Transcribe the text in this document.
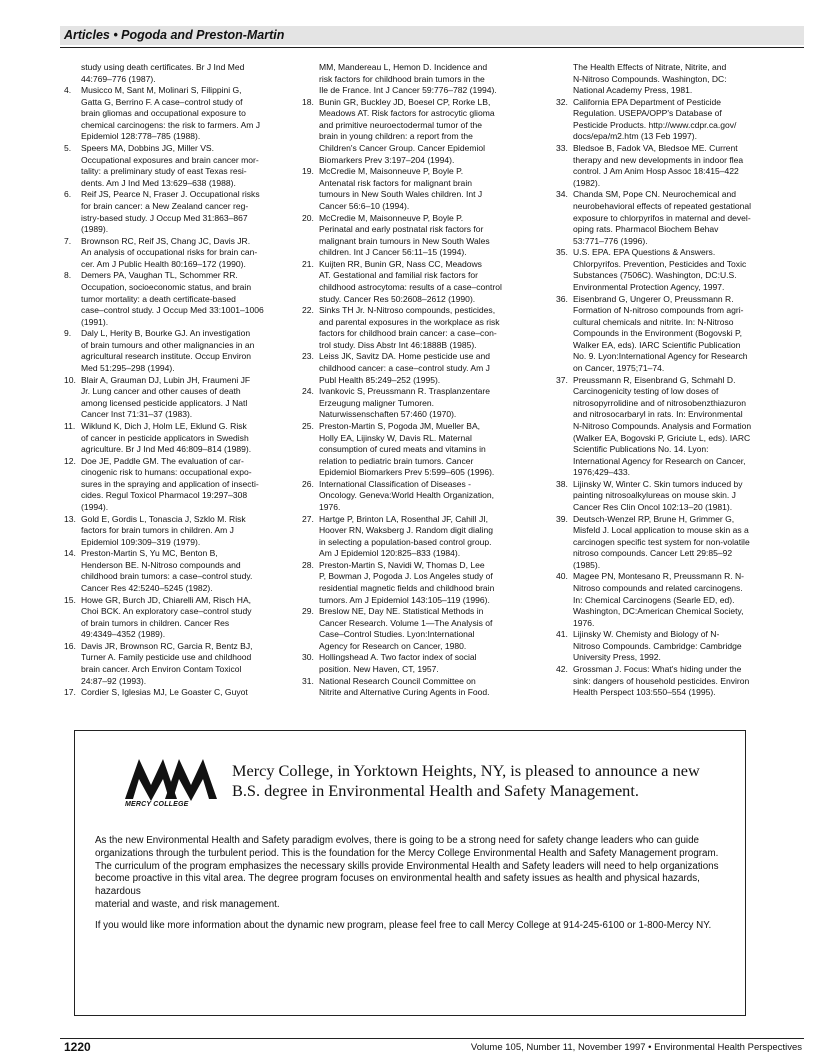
Articles • Pogoda and Preston-Martin
study using death certificates. Br J Ind Med
44:769–776 (1987).
4.	Musicco M, Sant M, Molinari S, Filippini G,
Gatta G, Berrino F. A case–control study of
brain gliomas and occupational exposure to
chemical carcinogens: the risk to farmers. Am J
Epidemiol 128:778–785 (1988).
5.	Speers MA, Dobbins JG, Miller VS.
Occupational exposures and brain cancer mor-
tality: a preliminary study of east Texas resi-
dents. Am J Ind Med 13:629–638 (1988).
6.	Reif JS, Pearce N, Fraser J. Occupational risks
for brain cancer: a New Zealand cancer reg-
istry-based study. J Occup Med 31:863–867
(1989).
7.	Brownson RC, Reif JS, Chang JC, Davis JR.
An analysis of occupational risks for brain can-
cer. Am J Public Health 80:169–172 (1990).
8.	Demers PA, Vaughan TL, Schommer RR.
Occupation, socioeconomic status, and brain
tumor mortality: a death certificate-based
case–control study. J Occup Med 33:1001–1006
(1991).
9.	Daly L, Herity B, Bourke GJ. An investigation
of brain tumours and other malignancies in an
agricultural research institute. Occup Environ
Med 51:295–298 (1994).
10. Blair A, Grauman DJ, Lubin JH, Fraumeni JF
Jr. Lung cancer and other causes of death
among licensed pesticide applicators. J Natl
Cancer Inst 71:31–37 (1983).
11. Wiklund K, Dich J, Holm LE, Eklund G. Risk
of cancer in pesticide applicators in Swedish
agriculture. Br J Ind Med 46:809–814 (1989).
12. Doe JE, Paddle GM. The evaluation of car-
cinogenic risk to humans: occupational expo-
sures in the spraying and application of insecti-
cides. Regul Toxicol Pharmacol 19:297–308
(1994).
13. Gold E, Gordis L, Tonascia J, Szklo M. Risk
factors for brain tumors in children. Am J
Epidemiol 109:309–319 (1979).
14. Preston-Martin S, Yu MC, Benton B,
Henderson BE. N-Nitroso compounds and
childhood brain tumors: a case–control study.
Cancer Res 42:5240–5245 (1982).
15. Howe GR, Burch JD, Chiarelli AM, Risch HA,
Choi BCK. An exploratory case–control study
of brain tumors in children. Cancer Res
49:4349–4352 (1989).
16. Davis JR, Brownson RC, Garcia R, Bentz BJ,
Turner A. Family pesticide use and childhood
brain cancer. Arch Environ Contam Toxicol
24:87–92 (1993).
17. Cordier S, Iglesias MJ, Le Goaster C, Guyot
MM, Mandereau L, Hemon D. Incidence and
risk factors for childhood brain tumors in the
Ile de France. Int J Cancer 59:776–782 (1994).
18. Bunin GR, Buckley JD, Boesel CP, Rorke LB,
Meadows AT. Risk factors for astrocytic glioma
and primitive neuroectodermal tumor of the
brain in young children: a report from the
Children's Cancer Group. Cancer Epidemiol
Biomarkers Prev 3:197–204 (1994).
19. McCredie M, Maisonneuve P, Boyle P.
Antenatal risk factors for malignant brain
tumours in New South Wales children. Int J
Cancer 56:6–10 (1994).
20. McCredie M, Maisonneuve P, Boyle P.
Perinatal and early postnatal risk factors for
malignant brain tumours in New South Wales
children. Int J Cancer 56:11–15 (1994).
21. Kuijten RR, Bunin GR, Nass CC, Meadows
AT. Gestational and familial risk factors for
childhood astrocytoma: results of a case–control
study. Cancer Res 50:2608–2612 (1990).
22. Sinks TH Jr. N-Nitroso compounds, pesticides,
and parental exposures in the workplace as risk
factors for childhood brain cancer: a case–con-
trol study. Diss Abstr Int 46:1888B (1985).
23. Leiss JK, Savitz DA. Home pesticide use and
childhood cancer: a case–control study. Am J
Publ Health 85:249–252 (1995).
24. Ivankovic S, Preussmann R. Trasplanzentare
Erzeugung maligner Tumoren.
Naturwissenschaften 57:460 (1970).
25. Preston-Martin S, Pogoda JM, Mueller BA,
Holly EA, Lijinsky W, Davis RL. Maternal
consumption of cured meats and vitamins in
relation to pediatric brain tumors. Cancer
Epidemiol Biomarkers Prev 5:599–605 (1996).
26. International Classification of Diseases -
Oncology. Geneva:World Health Organization,
1976.
27. Hartge P, Brinton LA, Rosenthal JF, Cahill JI,
Hoover RN, Waksberg J. Random digit dialing
in selecting a population-based control group.
Am J Epidemiol 120:825–833 (1984).
28. Preston-Martin S, Navidi W, Thomas D, Lee
P, Bowman J, Pogoda J. Los Angeles study of
residential magnetic fields and childhood brain
tumors. Am J Epidemiol 143:105–119 (1996).
29. Breslow NE, Day NE. Statistical Methods in
Cancer Research. Volume 1—The Analysis of
Case–Control Studies. Lyon:International
Agency for Research on Cancer, 1980.
30. Hollingshead A. Two factor index of social
position. New Haven, CT, 1957.
31. National Research Council Committee on
Nitrite and Alternative Curing Agents in Food.
The Health Effects of Nitrate, Nitrite, and
N-Nitroso Compounds. Washington, DC:
National Academy Press, 1981.
32. California EPA Department of Pesticide
Regulation. USEPA/OPP's Database of
Pesticide Products. http://www.cdpr.ca.gov/
docs/epa/m2.htm (13 Feb 1997).
33. Bledsoe B, Fadok VA, Bledsoe ME. Current
therapy and new developments in indoor flea
control. J Am Anim Hosp Assoc 18:415–422
(1982).
34. Chanda SM, Pope CN. Neurochemical and
neurobehavioral effects of repeated gestational
exposure to chlorpyrifos in maternal and devel-
oping rats. Pharmacol Biochem Behav
53:771–776 (1996).
35. U.S. EPA. EPA Questions & Answers.
Chlorpyrifos. Prevention, Pesticides and Toxic
Substances (7506C). Washington, DC:U.S.
Environmental Protection Agency, 1997.
36. Eisenbrand G, Ungerer O, Preussmann R.
Formation of N-nitroso compounds from agri-
cultural chemicals and nitrite. In: N-Nitroso
Compounds in the Environment (Bogovski P,
Walker EA, eds). IARC Scientific Publication
No. 9. Lyon:International Agency for Research
on Cancer, 1975;71–74.
37. Preussmann R, Eisenbrand G, Schmahl D.
Carcinogenicity testing of low doses of
nitrosopyrrolidine and of nitrosobenzthiazuron
and nitrosocarbaryl in rats. In: Environmental
N-Nitroso Compounds. Analysis and Formation
(Walker EA, Bogovski P, Griciute L, eds). IARC
Scientific Publications No. 14. Lyon:
International Agency for Research on Cancer,
1976;429–433.
38. Lijinsky W, Winter C. Skin tumors induced by
painting nitrosoalkylureas on mouse skin. J
Cancer Res Clin Oncol 102:13–20 (1981).
39. Deutsch-Wenzel RP, Brune H, Grimmer G,
Misfeld J. Local application to mouse skin as a
carcinogen specific test system for non-volatile
nitroso compounds. Cancer Lett 29:85–92
(1985).
40. Magee PN, Montesano R, Preussmann R. N-
Nitroso compounds and related carcinogens.
In: Chemical Carcinogens (Searle ED, ed).
Washington, DC:American Chemical Society,
1976.
41. Lijinsky W. Chemisty and Biology of N-
Nitroso Compounds. Cambridge: Cambridge
University Press, 1992.
42. Grossman J. Focus: What's hiding under the
sink: dangers of household pesticides. Environ
Health Perspect 103:550–554 (1995).
MERCY COLLEGE
Mercy College, in Yorktown Heights, NY, is pleased to announce a new
B.S. degree in Environmental Health and Safety Management.
As the new Environmental Health and Safety paradigm evolves, there is going to be a strong need for safety change leaders who can guide
organizations through the turbulent period. This is the foundation for the Mercy College Environmental Health and Safety Management program.
The curriculum of the program emphasizes the necessary skills provide Environmental Health and Safety leaders will need to help organizations
become proactive in this vital area. The degree program focuses on environmental health and safety issues as health and physical hazards, hazardous
material and waste, and risk management.
If you would like more information about the dynamic new program, please feel free to call Mercy College at 914-245-6100 or 1-800-Mercy NY.
1220	Volume 105, Number 11, November 1997 • Environmental Health Perspectives
